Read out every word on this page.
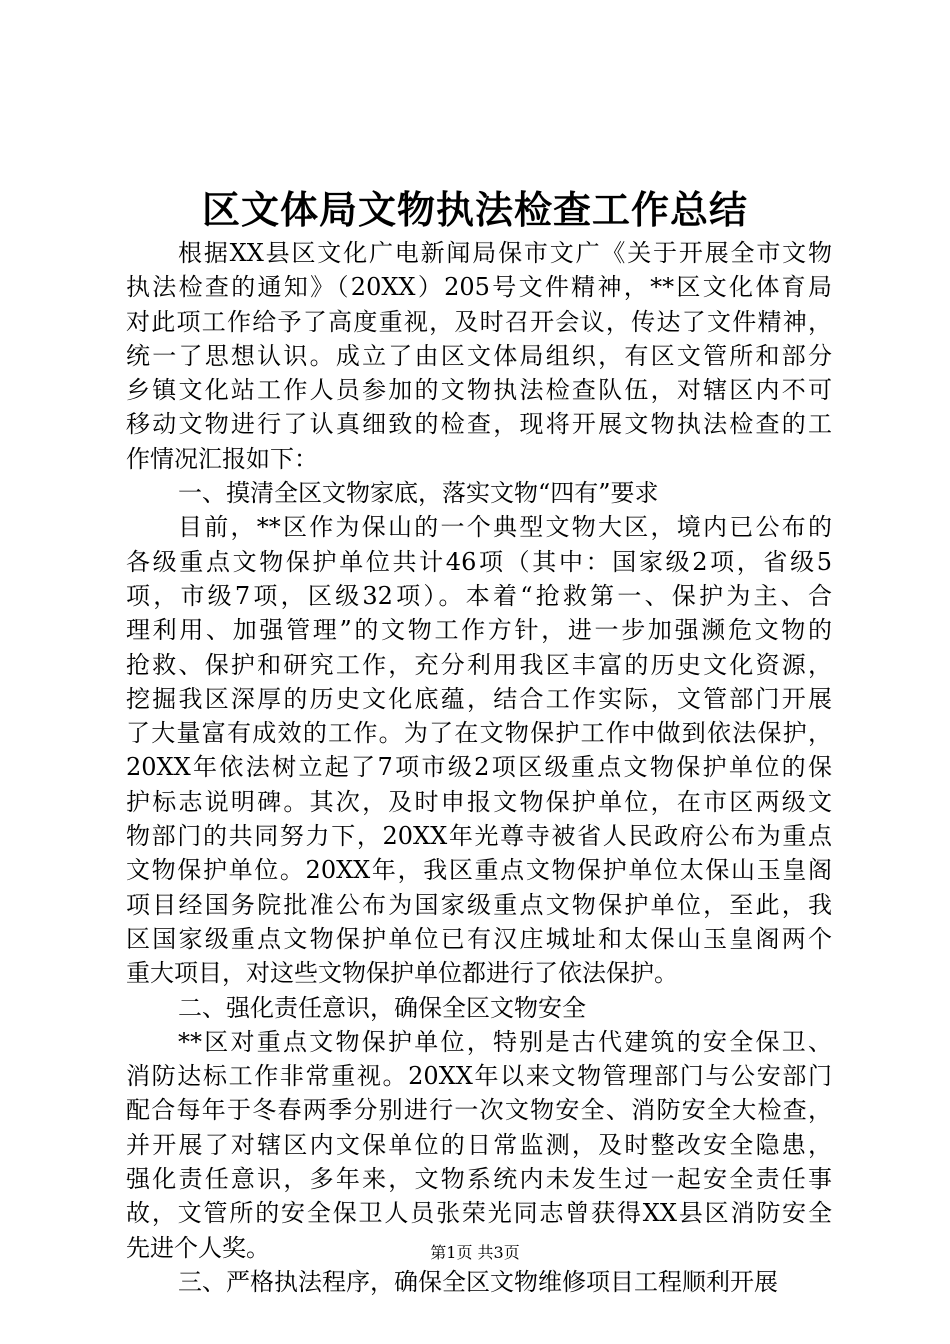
区文体局文物执法检查工作总结
根据XX县区文化广电新闻局保市文广《关于开展全市文物
执法检查的通知》（20XX）205号文件精神，**区文化体育局
对此项工作给予了高度重视，及时召开会议，传达了文件精神，
统一了思想认识。成立了由区文体局组织，有区文管所和部分
乡镇文化站工作人员参加的文物执法检查队伍，对辖区内不可
移动文物进行了认真细致的检查，现将开展文物执法检查的工
作情况汇报如下：
一、摸清全区文物家底，落实文物“四有”要求
目前，**区作为保山的一个典型文物大区，境内已公布的
各级重点文物保护单位共计46项（其中：国家级2项，省级5
项，市级7项，区级32项）。本着“抢救第一、保护为主、合
理利用、加强管理”的文物工作方针，进一步加强濒危文物的
抢救、保护和研究工作，充分利用我区丰富的历史文化资源，
挖掘我区深厚的历史文化底蕴，结合工作实际，文管部门开展
了大量富有成效的工作。为了在文物保护工作中做到依法保护，
20XX年依法树立起了7项市级2项区级重点文物保护单位的保
护标志说明碑。其次，及时申报文物保护单位，在市区两级文
物部门的共同努力下，20XX年光尊寺被省人民政府公布为重点
文物保护单位。20XX年，我区重点文物保护单位太保山玉皇阁
项目经国务院批准公布为国家级重点文物保护单位，至此，我
区国家级重点文物保护单位已有汉庄城址和太保山玉皇阁两个
重大项目，对这些文物保护单位都进行了依法保护。
二、强化责任意识，确保全区文物安全
**区对重点文物保护单位，特别是古代建筑的安全保卫、
消防达标工作非常重视。20XX年以来文物管理部门与公安部门
配合每年于冬春两季分别进行一次文物安全、消防安全大检查，
并开展了对辖区内文保单位的日常监测，及时整改安全隐患，
强化责任意识，多年来，文物系统内未发生过一起安全责任事
故，文管所的安全保卫人员张荣光同志曾获得XX县区消防安全
先进个人奖。
三、严格执法程序，确保全区文物维修项目工程顺利开展
第1页 共3页
